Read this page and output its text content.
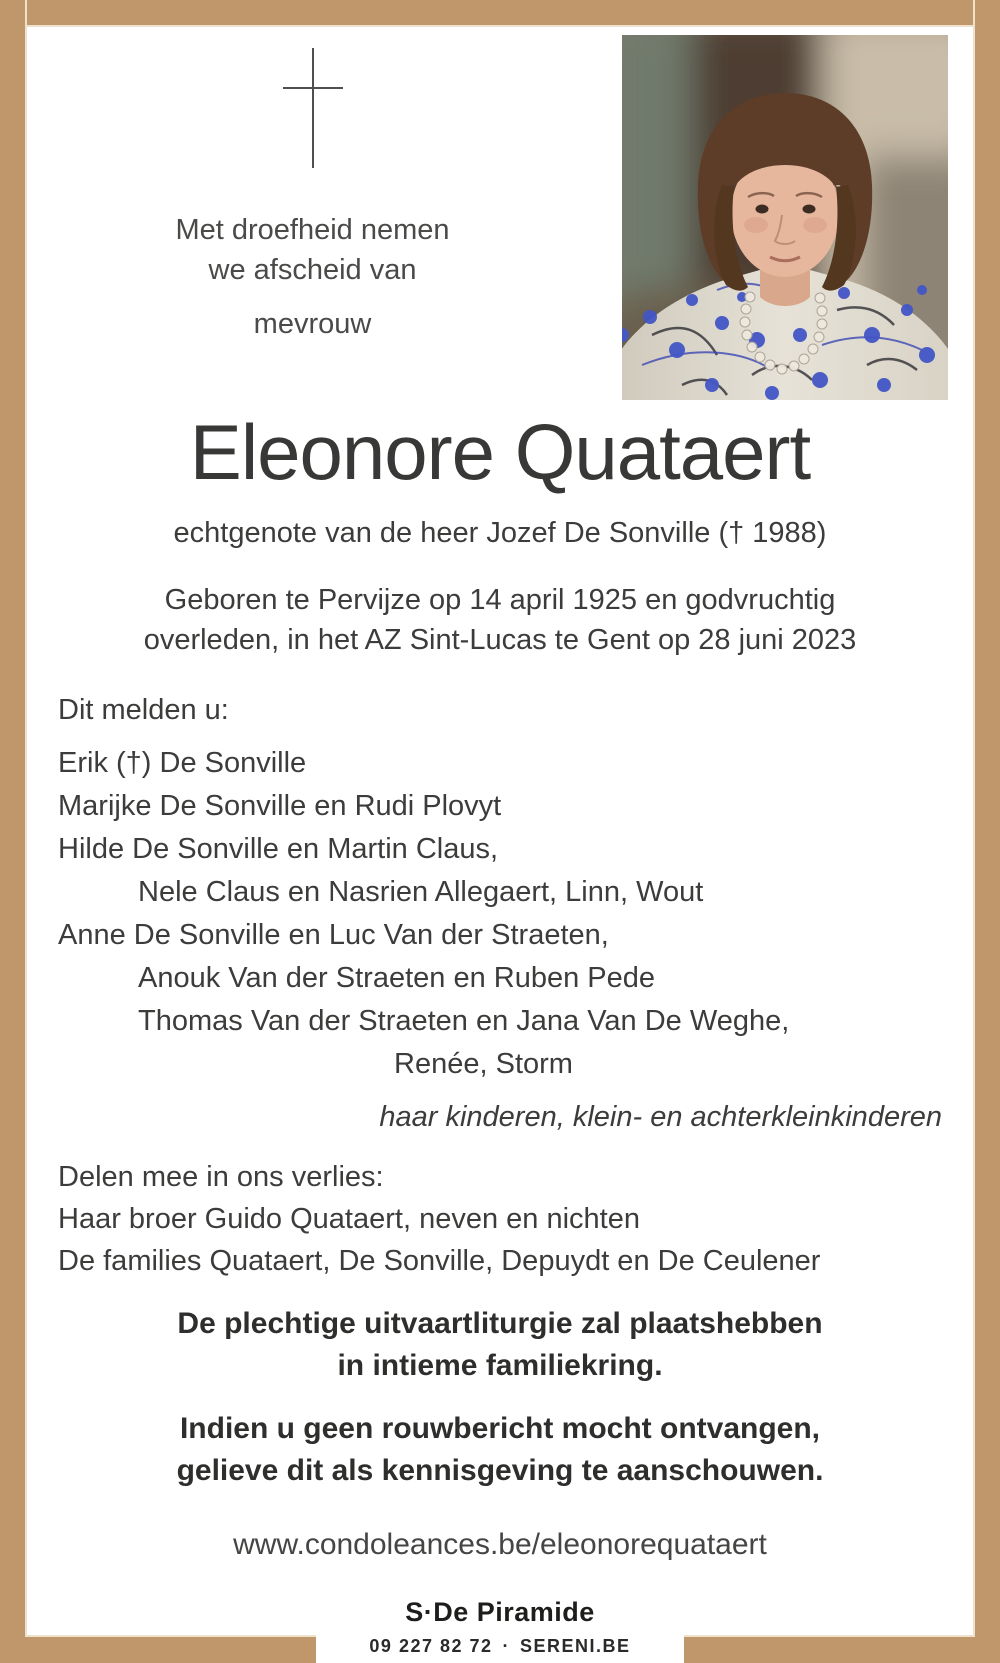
Met droefheid nemen
we afscheid van
mevrouw
Eleonore Quataert
echtgenote van de heer Jozef De Sonville († 1988)
Geboren te Pervijze op 14 april 1925 en godvruchtig
overleden, in het AZ Sint-Lucas te Gent op 28 juni 2023
Dit melden u:
Erik (†) De Sonville
Marijke De Sonville en Rudi Plovyt
Hilde De Sonville en Martin Claus,
Nele Claus en Nasrien Allegaert, Linn, Wout
Anne De Sonville en Luc Van der Straeten,
Anouk Van der Straeten en Ruben Pede
Thomas Van der Straeten en Jana Van De Weghe,
Renée, Storm
haar kinderen, klein- en achterkleinkinderen
Delen mee in ons verlies:
Haar broer Guido Quataert, neven en nichten
De families Quataert, De Sonville, Depuydt en De Ceulener
De plechtige uitvaartliturgie zal plaatshebben
in intieme familiekring.
Indien u geen rouwbericht mocht ontvangen,
gelieve dit als kennisgeving te aanschouwen.
www.condoleances.be/eleonorequataert
S·De Piramide
09 227 82 72 · SERENI.BE
